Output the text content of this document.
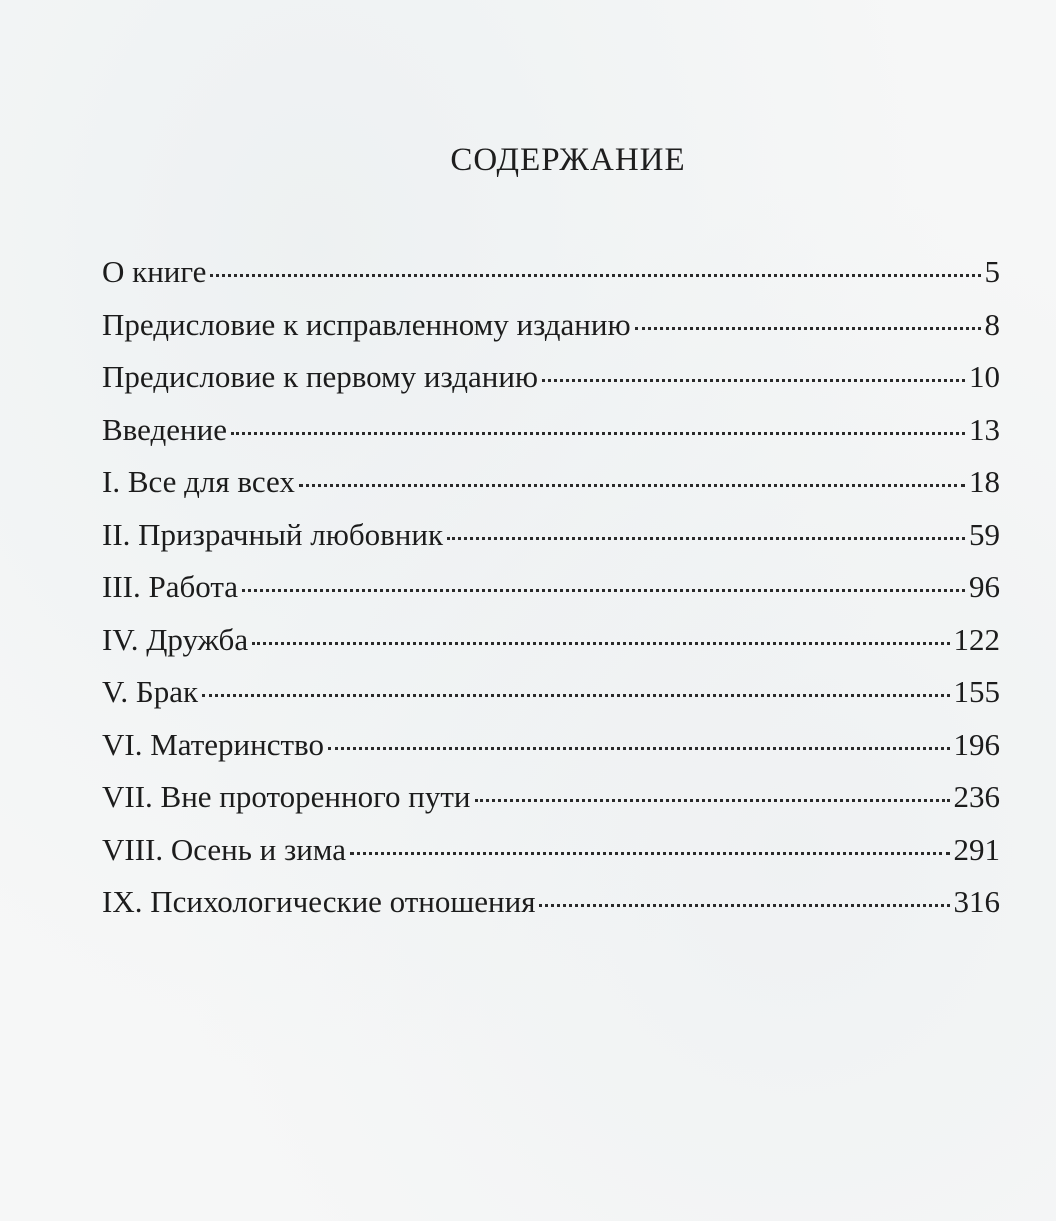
СОДЕРЖАНИЕ
О книге	5
Предисловие к исправленному изданию	8
Предисловие к первому изданию	10
Введение	13
I. Все для всех	18
II. Призрачный любовник	59
III. Работа	96
IV. Дружба	122
V. Брак	155
VI. Материнство	196
VII. Вне проторенного пути	236
VIII. Осень и зима	291
IX. Психологические отношения	316
